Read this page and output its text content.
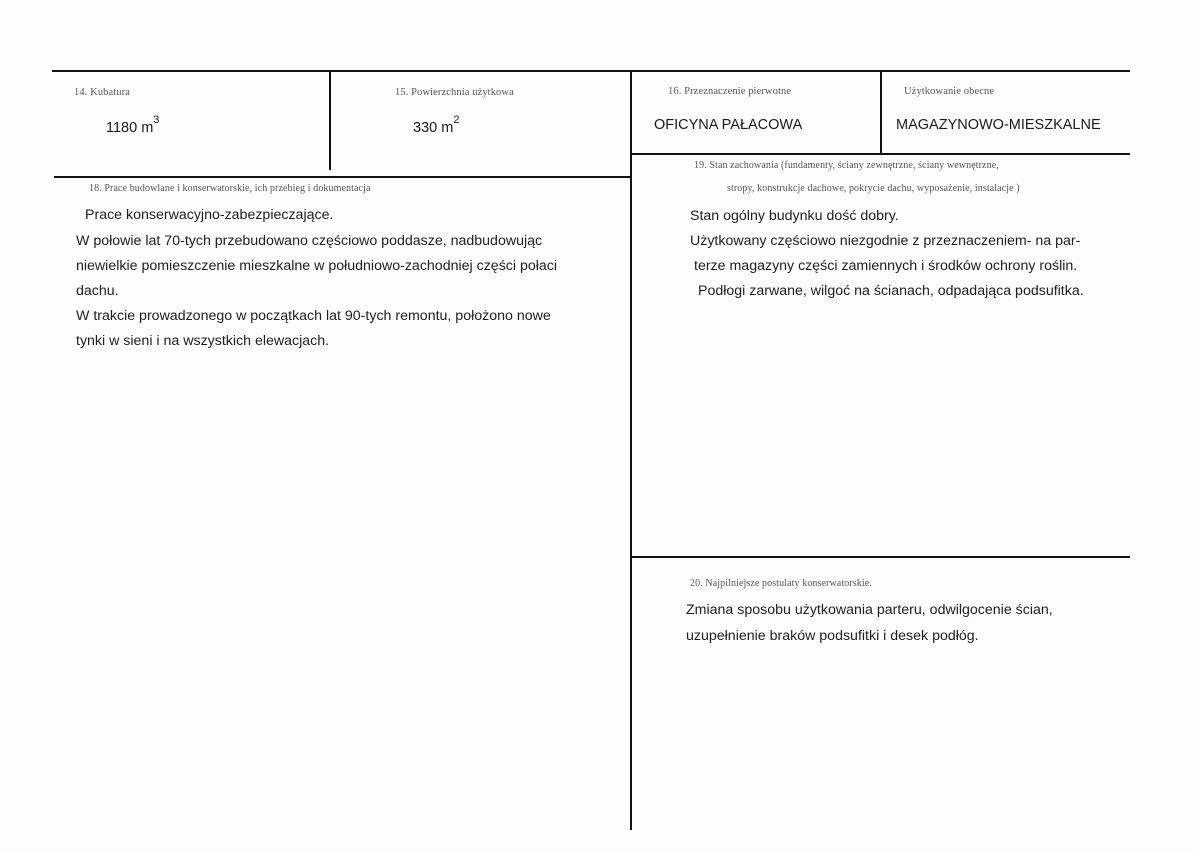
14. Kubatura
1180 $m^3$
15. Powierzchnia użytkowa
330 $m^2$
16. Przeznaczenie pierwotne
OFICYNA PAŁACOWA
Użytkowanie obecne
MAGAZYNOWO-MIESZKALNE
18. Prace budowlane i konserwatorskie, ich przebieg i dokumentacja
Prace konserwacyjno-zabezpieczające.
W połowie lat 70-tych przebudowano częściowo poddasze, nadbudowując
niewielkie pomieszczenie mieszkalne w południowo-zachodniej części połaci
dachu.
W trakcie prowadzonego w początkach lat 90-tych remontu, położono nowe
tynki w sieni i na wszystkich elewacjach.
19. Stan zachowania (fundamenty, ściany zewnętrzne, ściany wewnętrzne,
stropy, konstrukcje dachowe, pokrycie dachu, wyposażenie, instalacje )
Stan ogólny budynku dość dobry.
Użytkowany częściowo niezgodnie z przeznaczeniem- na par-
terze magazyny części zamiennych i środków ochrony roślin.
Podłogi zarwane, wilgoć na ścianach, odpadająca podsufitka.
20. Najpilniejsze postulaty konserwatorskie.
Zmiana sposobu użytkowania parteru, odwilgocenie ścian,
uzupełnienie braków podsufitki i desek podłóg.
